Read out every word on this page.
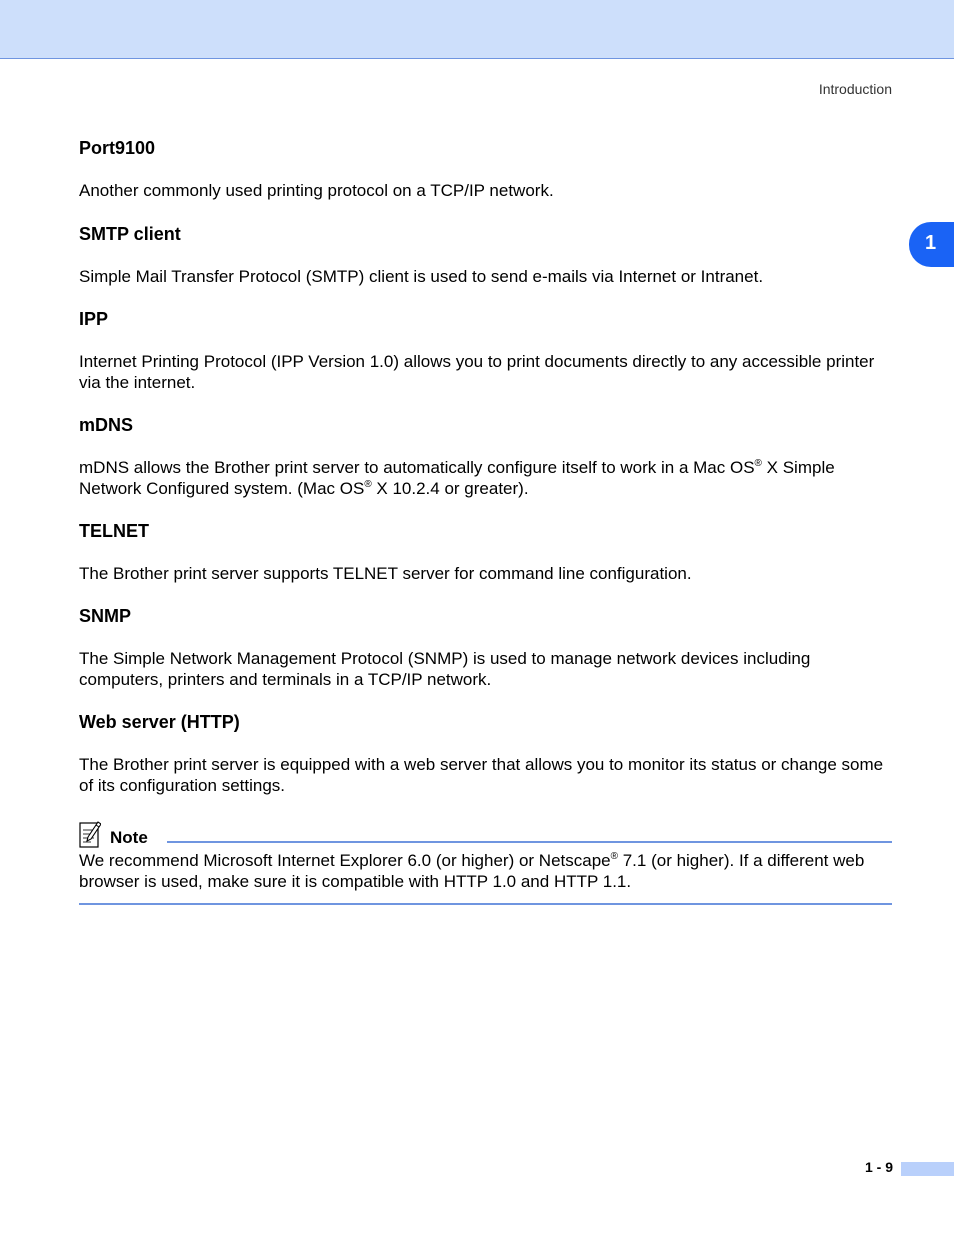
Introduction
1

Port9100

Another commonly used printing protocol on a TCP/IP network.

SMTP client

Simple Mail Transfer Protocol (SMTP) client is used to send e-mails via Internet or Intranet.

IPP

Internet Printing Protocol (IPP Version 1.0) allows you to print documents directly to any accessible printer via the internet.

mDNS

mDNS allows the Brother print server to automatically configure itself to work in a Mac OS® X Simple Network Configured system. (Mac OS® X 10.2.4 or greater).

TELNET

The Brother print server supports TELNET server for command line configuration.

SNMP

The Simple Network Management Protocol (SNMP) is used to manage network devices including computers, printers and terminals in a TCP/IP network.

Web server (HTTP)

The Brother print server is equipped with a web server that allows you to monitor its status or change some of its configuration settings.

Note
We recommend Microsoft Internet Explorer 6.0 (or higher) or Netscape® 7.1 (or higher). If a different web browser is used, make sure it is compatible with HTTP 1.0 and HTTP 1.1.
1 - 9
